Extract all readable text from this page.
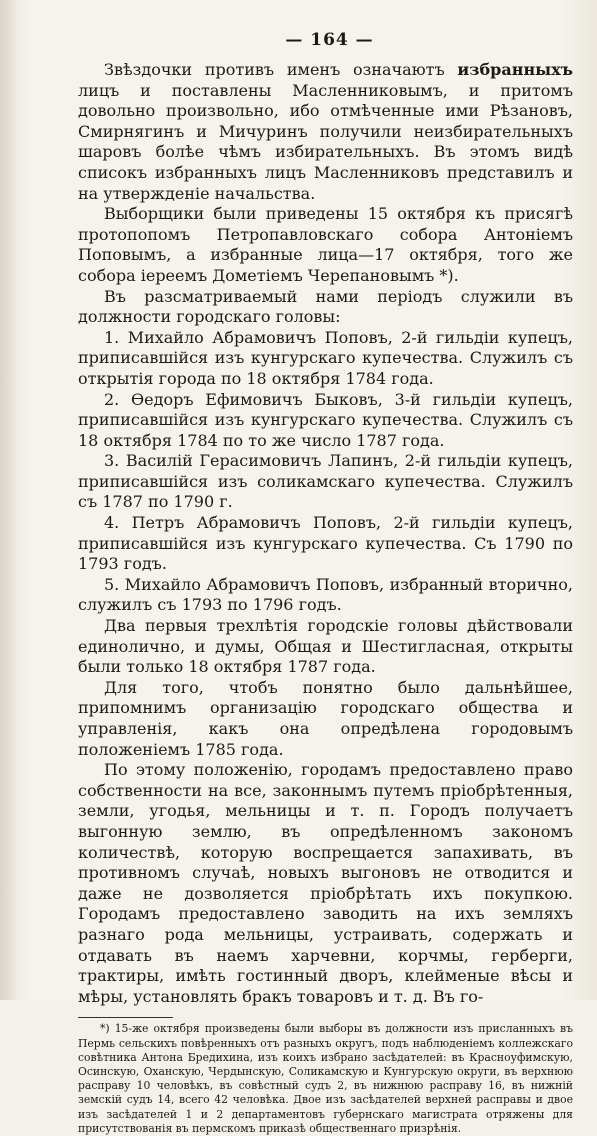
— 164 —

Звѣздочки противъ именъ означаютъ избранныхъ лицъ и поставлены Масленниковымъ, и притомъ довольно произвольно, ибо отмѣченные ими Рѣзановъ, Смирнягинъ и Мичуринъ получили неизбирательныхъ шаровъ болѣе чѣмъ избирательныхъ. Въ этомъ видѣ списокъ избранныхъ лицъ Масленниковъ представилъ и на утвержденіе начальства.

Выборщики были приведены 15 октября къ присягѣ протопопомъ Петропавловскаго собора Антоніемъ Поповымъ, а избранные лица—17 октября, того же собора іереемъ Дометіемъ Черепановымъ *).

Въ разсматриваемый нами періодъ служили въ должности городскаго головы:

1. Михайло Абрамовичъ Поповъ, 2-й гильдіи купецъ, приписавшійся изъ кунгурскаго купечества. Служилъ съ открытія города по 18 октября 1784 года.

2. Ѳедоръ Ефимовичъ Быковъ, 3-й гильдіи купецъ, приписавшійся изъ кунгурскаго купечества. Служилъ съ 18 октября 1784 по то же число 1787 года.

3. Василій Герасимовичъ Лапинъ, 2-й гильдіи купецъ, приписавшійся изъ соликамскаго купечества. Служилъ съ 1787 по 1790 г.

4. Петръ Абрамовичъ Поповъ, 2-й гильдіи купецъ, приписавшійся изъ кунгурскаго купечества. Съ 1790 по 1793 годъ.

5. Михайло Абрамовичъ Поповъ, избранный вторично, служилъ съ 1793 по 1796 годъ.

Два первыя трехлѣтія городскіе головы дѣйствовали единолично, и думы, Общая и Шестигласная, открыты были только 18 октября 1787 года.

Для того, чтобъ понятно было дальнѣйшее, припомнимъ организацію городскаго общества и управленія, какъ она опредѣлена городовымъ положеніемъ 1785 года.

По этому положенію, городамъ предоставлено право собственности на все, законнымъ путемъ пріобрѣтенныя, земли, угодья, мельницы и т. п. Городъ получаетъ выгонную землю, въ опредѣленномъ закономъ количествѣ, которую воспрещается запахивать, въ противномъ случаѣ, новыхъ выгоновъ не отводится и даже не дозволяется пріобрѣтать ихъ покупкою. Городамъ предоставлено заводить на ихъ земляхъ разнаго рода мельницы, устраивать, содержать и отдавать въ наемъ харчевни, корчмы, герберги, трактиры, имѣть гостинный дворъ, клейменые вѣсы и мѣры, установлять бракъ товаровъ и т. д. Въ го-

*) 15-же октября произведены были выборы въ должности изъ присланныхъ въ Пермь сельскихъ повѣренныхъ отъ разныхъ округъ, подъ наблюденіемъ коллежскаго совѣтника Антона Бредихина, изъ коихъ избрано засѣдателей: въ Красноуфимскую, Осинскую, Оханскую, Чердынскую, Соликамскую и Кунгурскую округи, въ верхнюю расправу 10 человѣкъ, въ совѣстный судъ 2, въ нижнюю расправу 16, въ нижній земскій судъ 14, всего 42 человѣка. Двое изъ засѣдателей верхней расправы и двое изъ засѣдателей 1 и 2 департаментовъ губернскаго магистрата отряжены для присутствованія въ пермскомъ приказѣ общественнаго призрѣнія.
